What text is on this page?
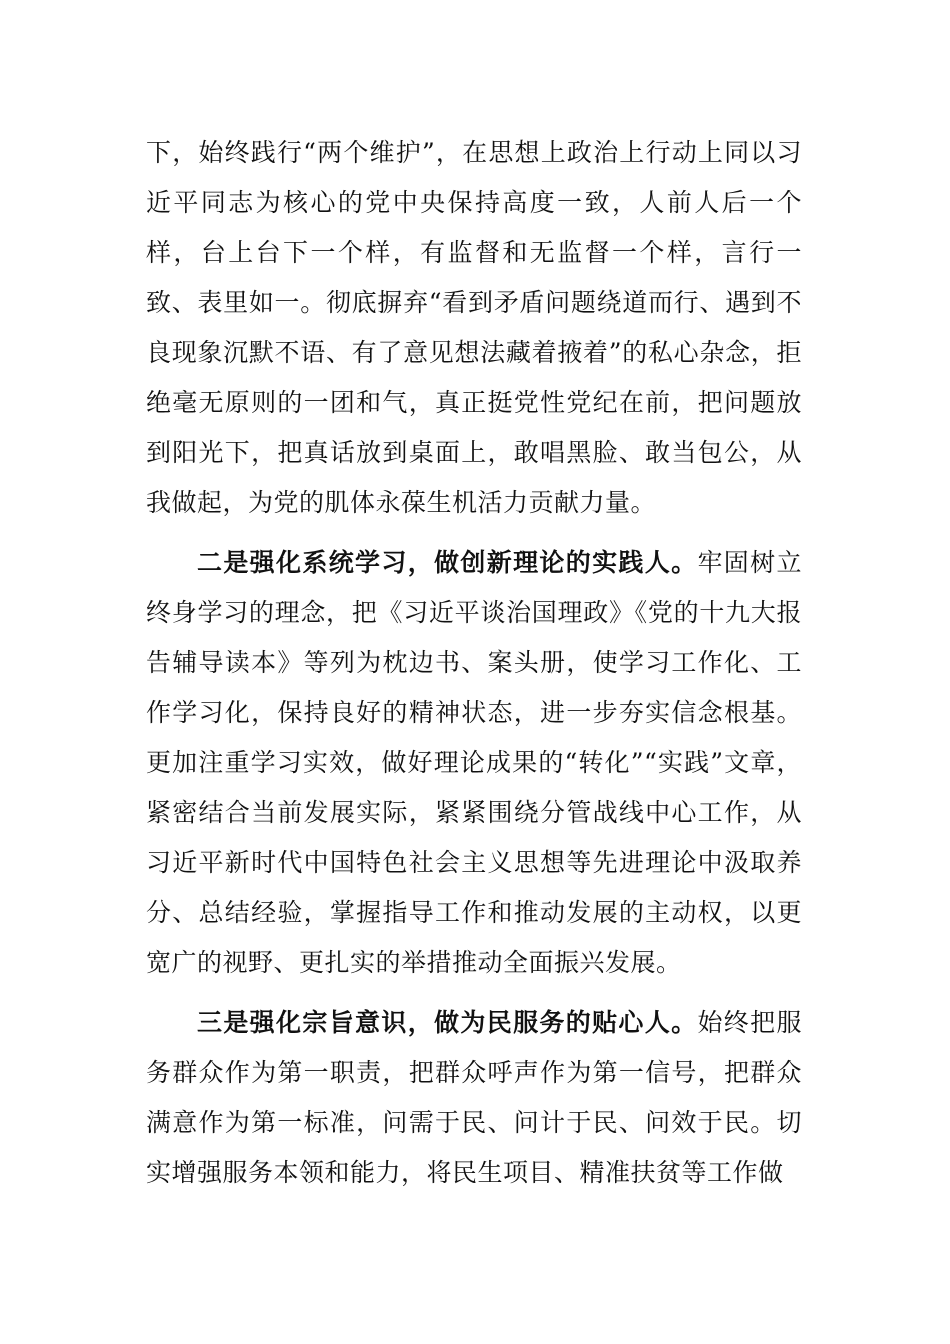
下，始终践行“两个维护”，在思想上政治上行动上同以习近平同志为核心的党中央保持高度一致，人前人后一个样，台上台下一个样，有监督和无监督一个样，言行一致、表里如一。彻底摒弃“看到矛盾问题绕道而行、遇到不良现象沉默不语、有了意见想法藏着掖着”的私心杂念，拒绝毫无原则的一团和气，真正挺党性党纪在前，把问题放到阳光下，把真话放到桌面上，敢唱黑脸、敢当包公，从我做起，为党的肌体永葆生机活力贡献力量。

二是强化系统学习，做创新理论的实践人。牢固树立终身学习的理念，把《习近平谈治国理政》《党的十九大报告辅导读本》等列为枕边书、案头册，使学习工作化、工作学习化，保持良好的精神状态，进一步夯实信念根基。更加注重学习实效，做好理论成果的“转化”“实践”文章，紧密结合当前发展实际，紧紧围绕分管战线中心工作，从习近平新时代中国特色社会主义思想等先进理论中汲取养分、总结经验，掌握指导工作和推动发展的主动权，以更宽广的视野、更扎实的举措推动全面振兴发展。

三是强化宗旨意识，做为民服务的贴心人。始终把服务群众作为第一职责，把群众呼声作为第一信号，把群众满意作为第一标准，问需于民、问计于民、问效于民。切实增强服务本领和能力，将民生项目、精准扶贫等工作做
